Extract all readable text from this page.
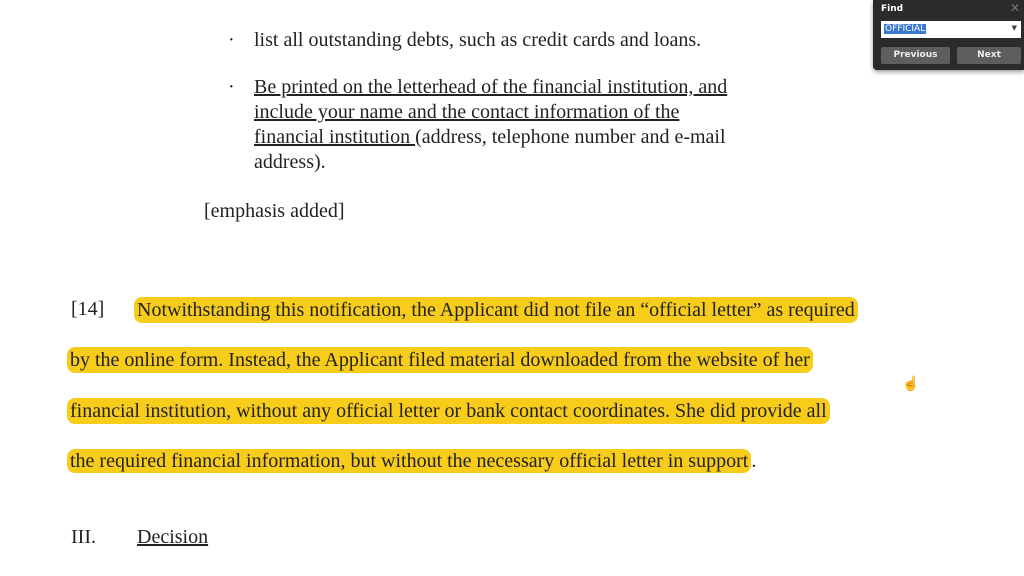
· list all outstanding debts, such as credit cards and loans.
· Be printed on the letterhead of the financial institution, and
include your name and the contact information of the
financial institution (address, telephone number and e-mail
address).
[emphasis added]
[14] Notwithstanding this notification, the Applicant did not file an “official letter” as required
by the online form. Instead, the Applicant filed material downloaded from the website of her
financial institution, without any official letter or bank contact coordinates. She did provide all
the required financial information, but without the necessary official letter in support .
III. Decision
☝
Find	✕
OFFICIAL	▼
Previous	Next
